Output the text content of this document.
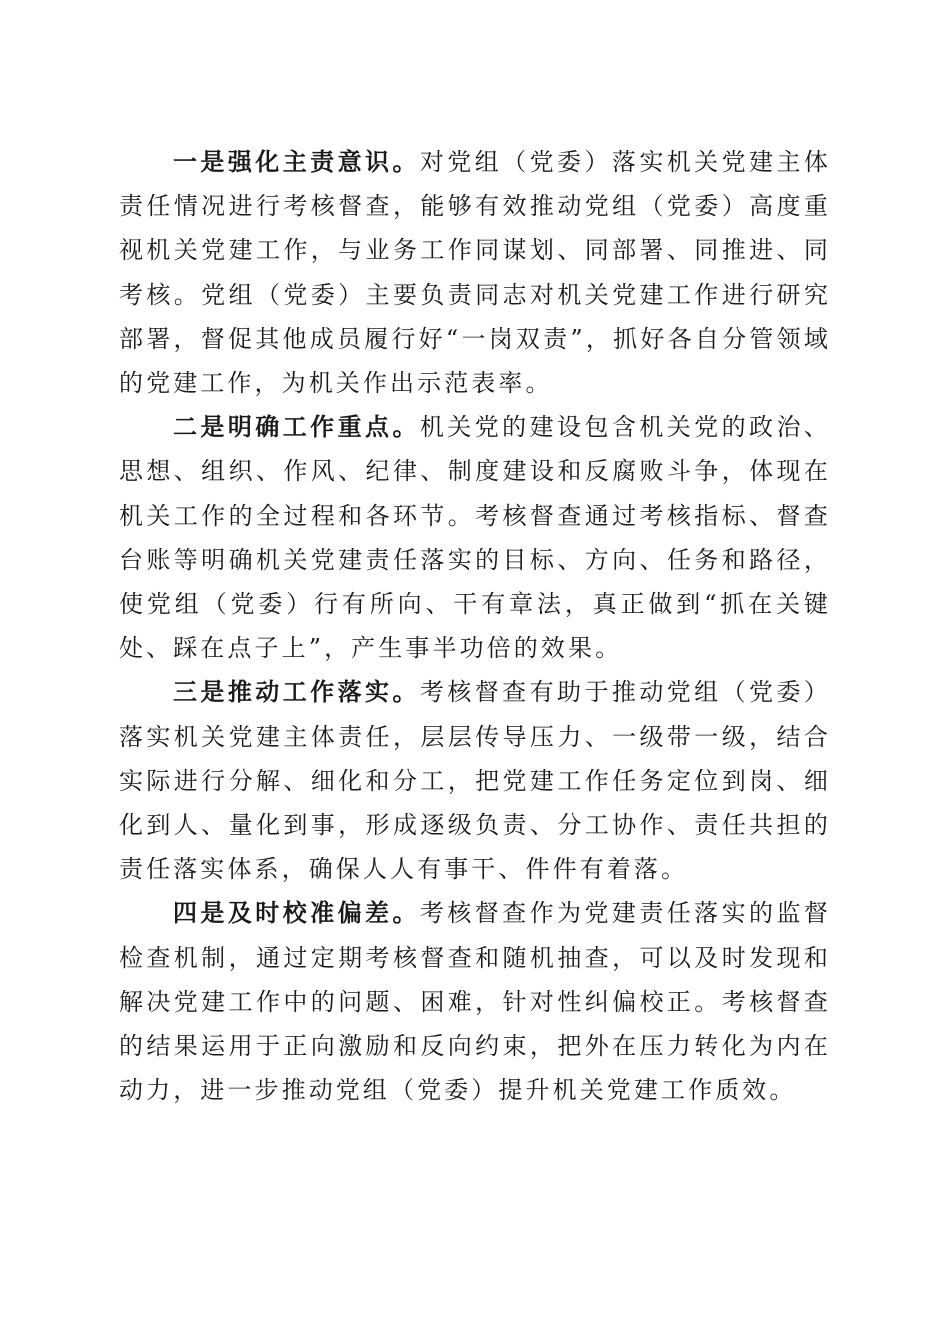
一是强化主责意识。对党组（党委）落实机关党建主体责任情况进行考核督查，能够有效推动党组（党委）高度重视机关党建工作，与业务工作同谋划、同部署、同推进、同考核。党组（党委）主要负责同志对机关党建工作进行研究部署，督促其他成员履行好“一岗双责”，抓好各自分管领域的党建工作，为机关作出示范表率。

二是明确工作重点。机关党的建设包含机关党的政治、思想、组织、作风、纪律、制度建设和反腐败斗争，体现在机关工作的全过程和各环节。考核督查通过考核指标、督查台账等明确机关党建责任落实的目标、方向、任务和路径，使党组（党委）行有所向、干有章法，真正做到“抓在关键处、踩在点子上”，产生事半功倍的效果。

三是推动工作落实。考核督查有助于推动党组（党委）落实机关党建主体责任，层层传导压力、一级带一级，结合实际进行分解、细化和分工，把党建工作任务定位到岗、细化到人、量化到事，形成逐级负责、分工协作、责任共担的责任落实体系，确保人人有事干、件件有着落。

四是及时校准偏差。考核督查作为党建责任落实的监督检查机制，通过定期考核督查和随机抽查，可以及时发现和解决党建工作中的问题、困难，针对性纠偏校正。考核督查的结果运用于正向激励和反向约束，把外在压力转化为内在动力，进一步推动党组（党委）提升机关党建工作质效。
